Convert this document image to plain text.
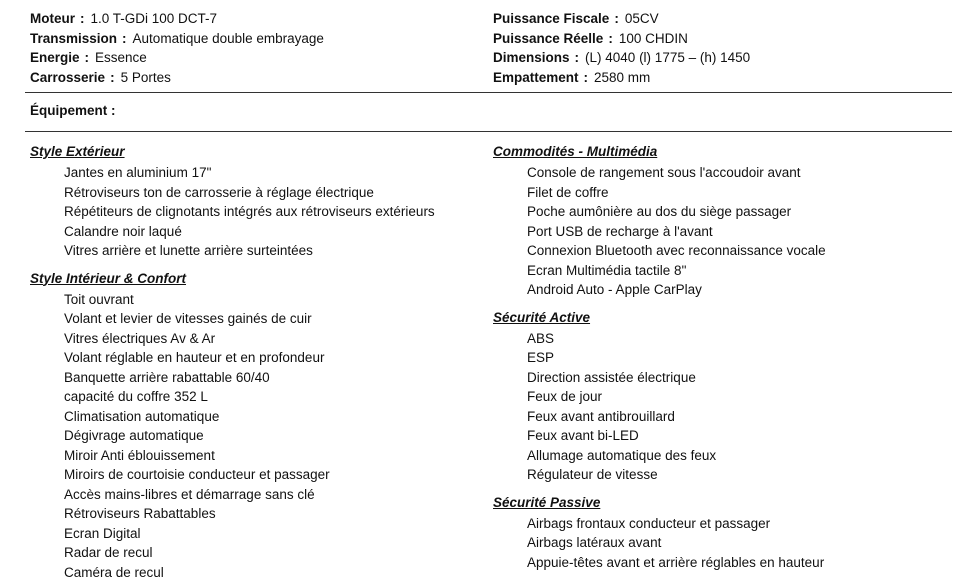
Moteur : 1.0 T-GDi 100 DCT-7
Transmission : Automatique double embrayage
Energie : Essence
Carrosserie : 5 Portes
Puissance Fiscale : 05CV
Puissance Réelle : 100 CHDIN
Dimensions : (L) 4040 (l) 1775 – (h) 1450
Empattement : 2580 mm
Équipement :
Style Extérieur
Jantes en aluminium 17"
Rétroviseurs ton de carrosserie à réglage électrique
Répétiteurs de clignotants intégrés aux rétroviseurs extérieurs
Calandre noir laqué
Vitres arrière et lunette arrière surteintées
Style Intérieur & Confort
Toit ouvrant
Volant et levier de vitesses gainés de cuir
Vitres électriques Av & Ar
Volant réglable en hauteur et en profondeur
Banquette arrière rabattable 60/40
capacité du coffre 352 L
Climatisation automatique
Dégivrage automatique
Miroir Anti éblouissement
Miroirs de courtoisie conducteur et passager
Accès mains-libres et démarrage sans clé
Rétroviseurs Rabattables
Ecran Digital
Radar de recul
Caméra de recul
Commodités - Multimédia
Console de rangement sous l'accoudoir avant
Filet de coffre
Poche aumônière au dos du siège passager
Port USB de recharge à l'avant
Connexion Bluetooth avec reconnaissance vocale
Ecran Multimédia tactile 8"
Android Auto - Apple CarPlay
Sécurité Active
ABS
ESP
Direction assistée électrique
Feux de jour
Feux avant antibrouillard
Feux avant bi-LED
Allumage automatique des feux
Régulateur de vitesse
Sécurité Passive
Airbags frontaux conducteur et passager
Airbags latéraux avant
Appuie-têtes avant et arrière réglables en hauteur
